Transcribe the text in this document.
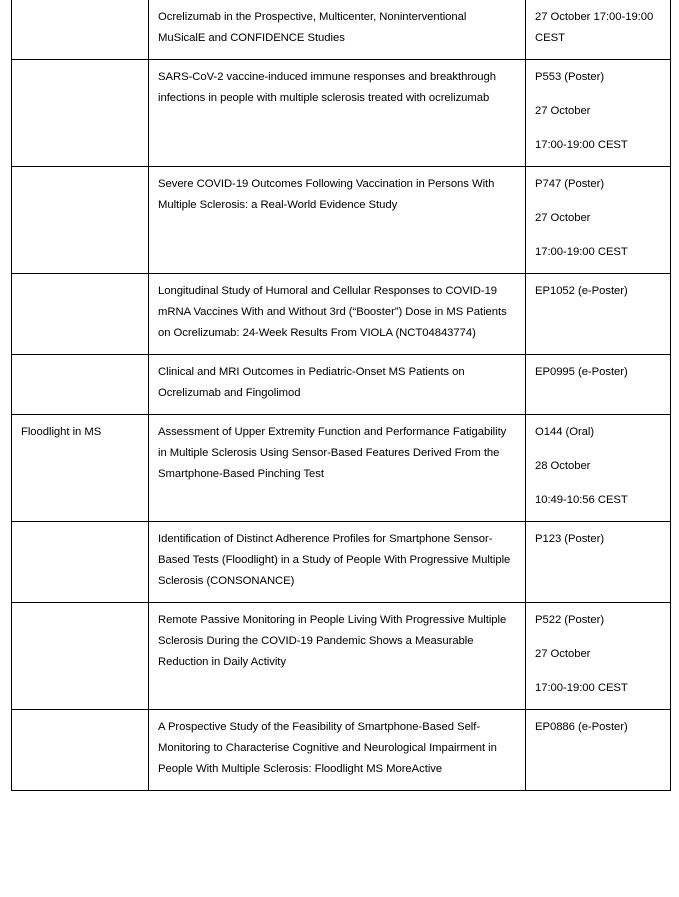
	Ocrelizumab in the Prospective, Multicenter, Noninterventional MuSicalE and CONFIDENCE Studies	27 October 17:00-19:00 CEST

	SARS-CoV-2 vaccine-induced immune responses and breakthrough infections in people with multiple sclerosis treated with ocrelizumab	P553 (Poster)
27 October
17:00-19:00 CEST

	Severe COVID-19 Outcomes Following Vaccination in Persons With Multiple Sclerosis: a Real-World Evidence Study	P747 (Poster)
27 October
17:00-19:00 CEST

	Longitudinal Study of Humoral and Cellular Responses to COVID-19 mRNA Vaccines With and Without 3rd (“Booster”) Dose in MS Patients on Ocrelizumab: 24-Week Results From VIOLA (NCT04843774)	EP1052 (e-Poster)

	Clinical and MRI Outcomes in Pediatric-Onset MS Patients on Ocrelizumab and Fingolimod	EP0995 (e-Poster)

Floodlight in MS	Assessment of Upper Extremity Function and Performance Fatigability in Multiple Sclerosis Using Sensor-Based Features Derived From the Smartphone-Based Pinching Test	O144 (Oral)
28 October
10:49-10:56 CEST

	Identification of Distinct Adherence Profiles for Smartphone Sensor-Based Tests (Floodlight) in a Study of People With Progressive Multiple Sclerosis (CONSONANCE)	P123 (Poster)

	Remote Passive Monitoring in People Living With Progressive Multiple Sclerosis During the COVID-19 Pandemic Shows a Measurable Reduction in Daily Activity	P522 (Poster)
27 October
17:00-19:00 CEST

	A Prospective Study of the Feasibility of Smartphone-Based Self-Monitoring to Characterise Cognitive and Neurological Impairment in People With Multiple Sclerosis: Floodlight MS MoreActive	EP0886 (e-Poster)
